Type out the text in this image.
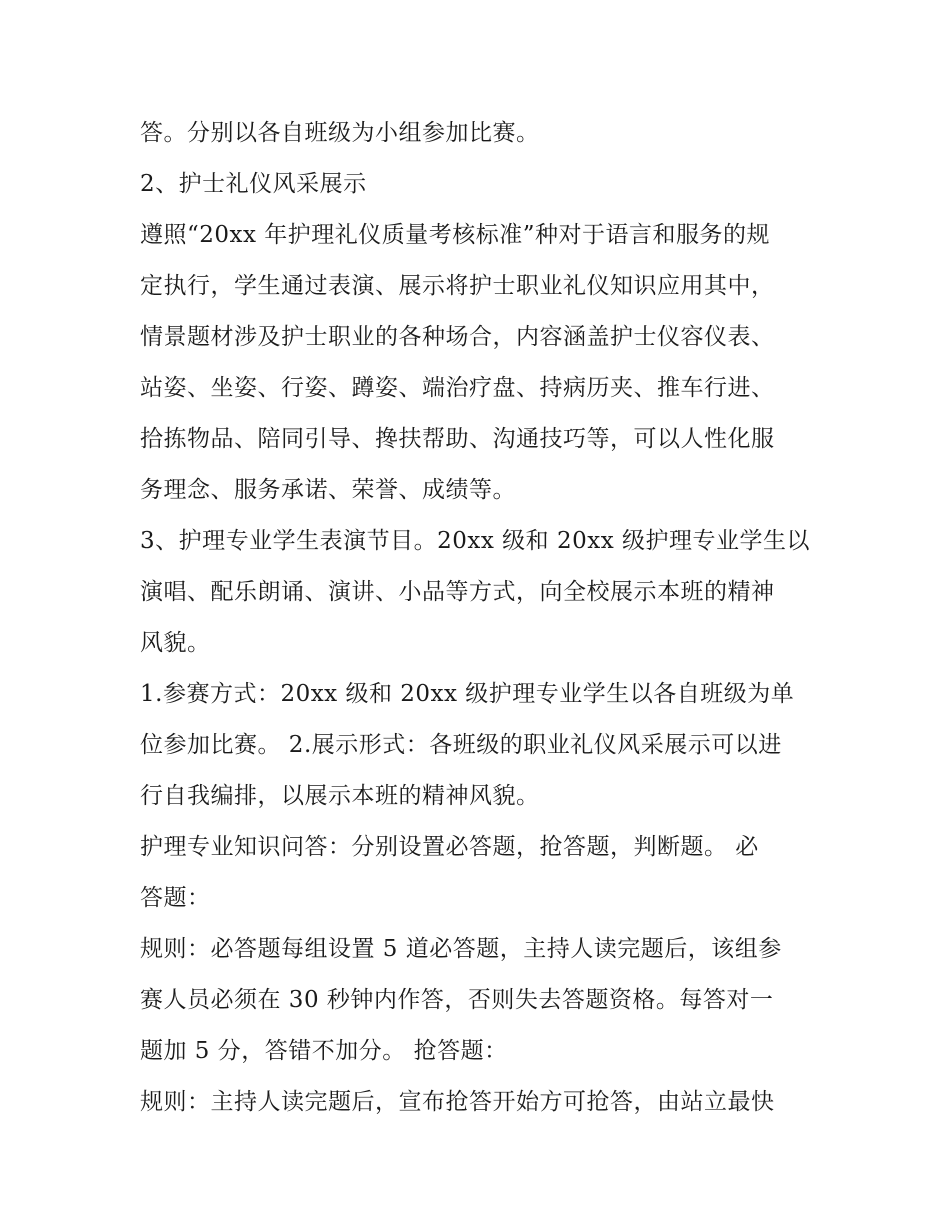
答。分别以各自班级为小组参加比赛。

2、护士礼仪风采展示

遵照“20xx 年护理礼仪质量考核标准”种对于语言和服务的规

定执行，学生通过表演、展示将护士职业礼仪知识应用其中，

情景题材涉及护士职业的各种场合，内容涵盖护士仪容仪表、

站姿、坐姿、行姿、蹲姿、端治疗盘、持病历夹、推车行进、

拾拣物品、陪同引导、搀扶帮助、沟通技巧等，可以人性化服

务理念、服务承诺、荣誉、成绩等。

3、护理专业学生表演节目。20xx 级和 20xx 级护理专业学生以

演唱、配乐朗诵、演讲、小品等方式，向全校展示本班的精神

风貌。

1.参赛方式：20xx 级和 20xx 级护理专业学生以各自班级为单

位参加比赛。 2.展示形式：各班级的职业礼仪风采展示可以进

行自我编排，以展示本班的精神风貌。

护理专业知识问答：分别设置必答题，抢答题，判断题。 必

答题：

规则：必答题每组设置 5 道必答题，主持人读完题后，该组参

赛人员必须在 30 秒钟内作答，否则失去答题资格。每答对一

题加 5 分，答错不加分。 抢答题：

规则：主持人读完题后，宣布抢答开始方可抢答，由站立最快
